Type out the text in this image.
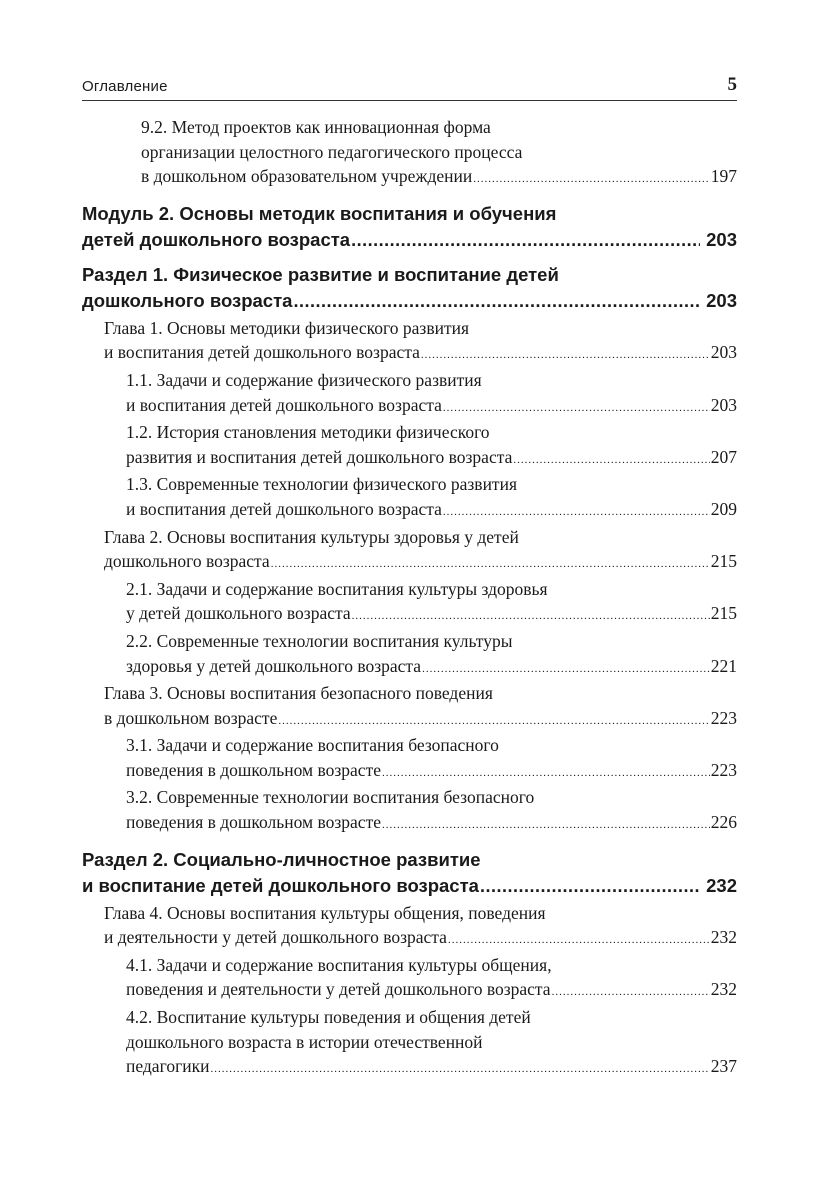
Оглавление	5
9.2. Метод проектов как инновационная форма
организации целостного педагогического процесса
в дошкольном образовательном учреждении .....	197
Модуль 2. Основы методик воспитания и обучения
детей дошкольного возраста .....	203
Раздел 1. Физическое развитие и воспитание детей
дошкольного возраста .....	203
Глава 1. Основы методики физического развития
и воспитания детей дошкольного возраста .....	203
1.1. Задачи и содержание физического развития
и воспитания детей дошкольного возраста .....	203
1.2. История становления методики физического
развития и воспитания детей дошкольного возраста .....	207
1.3. Современные технологии физического развития
и воспитания детей дошкольного возраста .....	209
Глава 2. Основы воспитания культуры здоровья у детей
дошкольного возраста .....	215
2.1. Задачи и содержание воспитания культуры здоровья
у детей дошкольного возраста .....	215
2.2. Современные технологии воспитания культуры
здоровья у детей дошкольного возраста .....	221
Глава 3. Основы воспитания безопасного поведения
в дошкольном возрасте .....	223
3.1. Задачи и содержание воспитания безопасного
поведения в дошкольном возрасте .....	223
3.2. Современные технологии воспитания безопасного
поведения в дошкольном возрасте .....	226
Раздел 2. Социально-личностное развитие
и воспитание детей дошкольного возраста .....	232
Глава 4. Основы воспитания культуры общения, поведения
и деятельности у детей дошкольного возраста .....	232
4.1. Задачи и содержание воспитания культуры общения,
поведения и деятельности у детей дошкольного возраста .....	232
4.2. Воспитание культуры поведения и общения детей
дошкольного возраста в истории отечественной
педагогики .....	237
